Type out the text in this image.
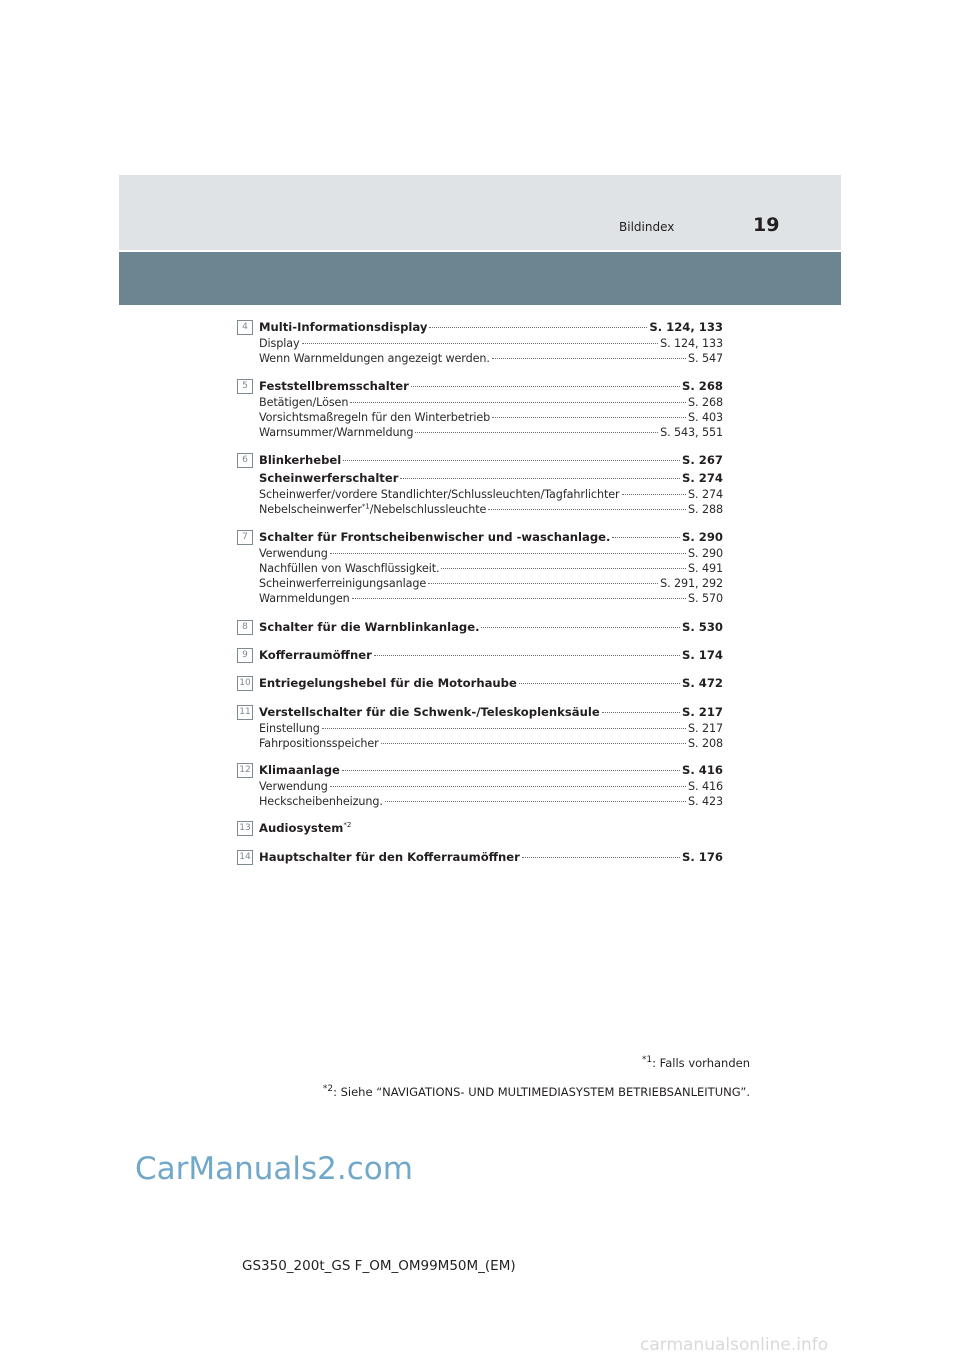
Bildindex	19
4 Multi-Informationsdisplay	S. 124, 133
Display	S. 124, 133
Wenn Warnmeldungen angezeigt werden.	S. 547
5 Feststellbremsschalter	S. 268
Betätigen/Lösen	S. 268
Vorsichtsmaßregeln für den Winterbetrieb	S. 403
Warnsummer/Warnmeldung	S. 543, 551
6 Blinkerhebel	S. 267
Scheinwerferschalter	S. 274
Scheinwerfer/vordere Standlichter/Schlussleuchten/Tagfahrlichter	S. 274
Nebelscheinwerfer$^{*1}$/Nebelschlussleuchte	S. 288
7 Schalter für Frontscheibenwischer und -waschanlage.	S. 290
Verwendung	S. 290
Nachfüllen von Waschflüssigkeit.	S. 491
Scheinwerferreinigungsanlage	S. 291, 292
Warnmeldungen	S. 570
8 Schalter für die Warnblinkanlage.	S. 530
9 Kofferraumöffner	S. 174
10 Entriegelungshebel für die Motorhaube	S. 472
11 Verstellschalter für die Schwenk-/Teleskoplenksäule	S. 217
Einstellung	S. 217
Fahrpositionsspeicher	S. 208
12 Klimaanlage	S. 416
Verwendung	S. 416
Heckscheibenheizung.	S. 423
13 Audiosystem$^{*2}$
14 Hauptschalter für den Kofferraumöffner	S. 176
$^{*1}$: Falls vorhanden
$^{*2}$: Siehe “NAVIGATIONS- UND MULTIMEDIASYSTEM BETRIEBSANLEITUNG”.
CarManuals2.com
GS350_200t_GS F_OM_OM99M50M_(EM)
carmanualsonline.info
